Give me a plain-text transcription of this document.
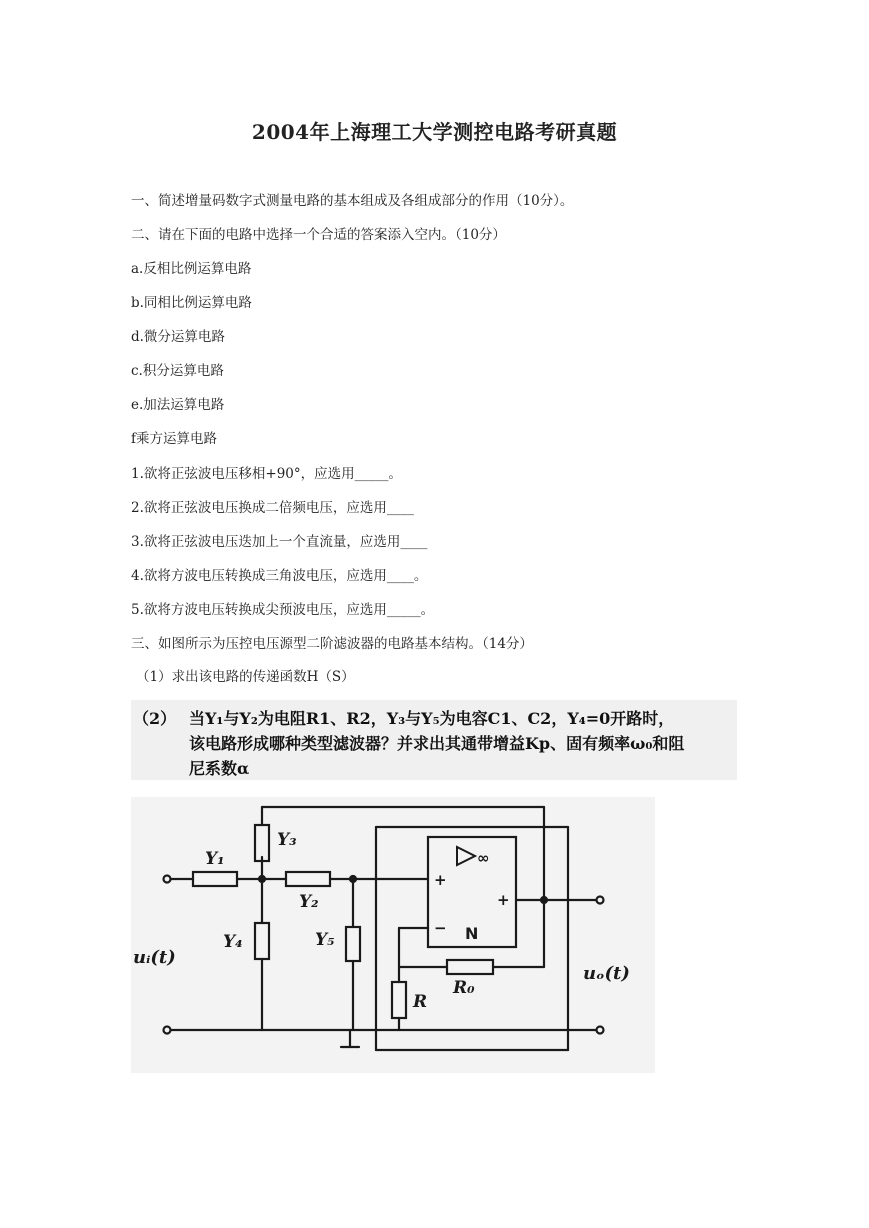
2004年上海理工大学测控电路考研真题
一、简述增量码数字式测量电路的基本组成及各组成部分的作用（10分）。
二、请在下面的电路中选择一个合适的答案添入空内。（10分）
a.反相比例运算电路
b.同相比例运算电路
d.微分运算电路
c.积分运算电路
e.加法运算电路
f乘方运算电路
1.欲将正弦波电压移相+90°，应选用_____。
2.欲将正弦波电压换成二倍频电压，应选用____
3.欲将正弦波电压迭加上一个直流量，应选用____
4.欲将方波电压转换成三角波电压，应选用____。
5.欲将方波电压转换成尖预波电压，应选用_____。
三、如图所示为压控电压源型二阶滤波器的电路基本结构。（14分）
（1）求出该电路的传递函数H（S）
（2） 当Y₁与Y₂为电阻R1、R2，Y₃与Y₅为电容C1、C2，Y₄=0开路时，
该电路形成哪种类型滤波器？并求出其通带增益Kp、固有频率ω₀和阻
尼系数α
Y₁
Y₃
Y₂
Y₄	Y₅
R
R₀
uᵢ(t)
uₒ(t)
∞
+
−
+
N
